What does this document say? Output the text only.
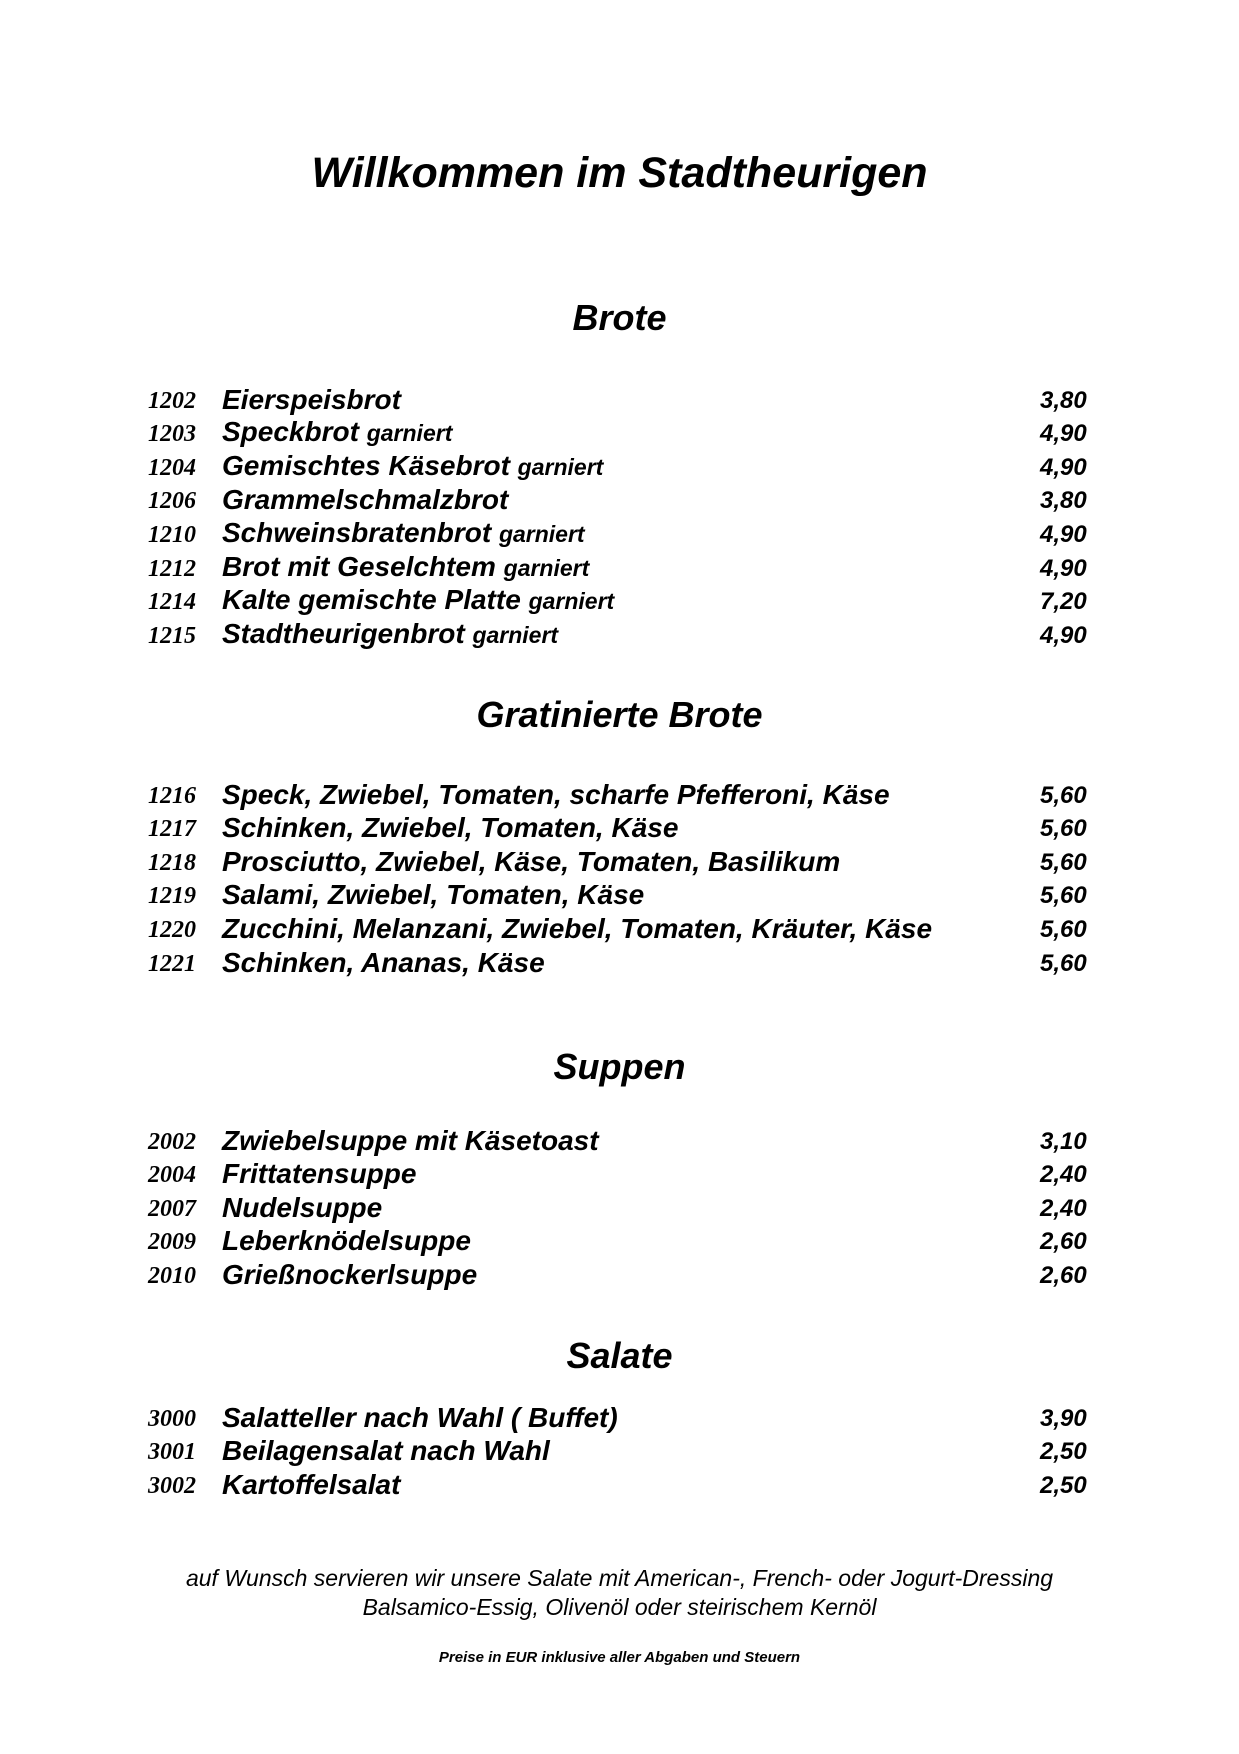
Willkommen im Stadtheurigen
Brote
1202 Eierspeisbrot	3,80
1203 Speckbrot garniert	4,90
1204 Gemischtes Käsebrot garniert	4,90
1206 Grammelschmalzbrot	3,80
1210 Schweinsbratenbrot garniert	4,90
1212 Brot mit Geselchtem garniert	4,90
1214 Kalte gemischte Platte garniert	7,20
1215 Stadtheurigenbrot garniert	4,90
Gratinierte Brote
1216 Speck, Zwiebel, Tomaten, scharfe Pfefferoni, Käse	5,60
1217 Schinken, Zwiebel, Tomaten, Käse	5,60
1218 Prosciutto, Zwiebel, Käse, Tomaten, Basilikum	5,60
1219 Salami, Zwiebel, Tomaten, Käse	5,60
1220 Zucchini, Melanzani, Zwiebel, Tomaten, Kräuter, Käse	5,60
1221 Schinken, Ananas, Käse	5,60
Suppen
2002 Zwiebelsuppe mit Käsetoast	3,10
2004 Frittatensuppe	2,40
2007 Nudelsuppe	2,40
2009 Leberknödelsuppe	2,60
2010 Grießnockerlsuppe	2,60
Salate
3000 Salatteller nach Wahl ( Buffet)	3,90
3001 Beilagensalat nach Wahl	2,50
3002 Kartoffelsalat	2,50
auf Wunsch servieren wir unsere Salate mit American-, French- oder Jogurt-Dressing
Balsamico-Essig, Olivenöl oder steirischem Kernöl
Preise in EUR inklusive aller Abgaben und Steuern
